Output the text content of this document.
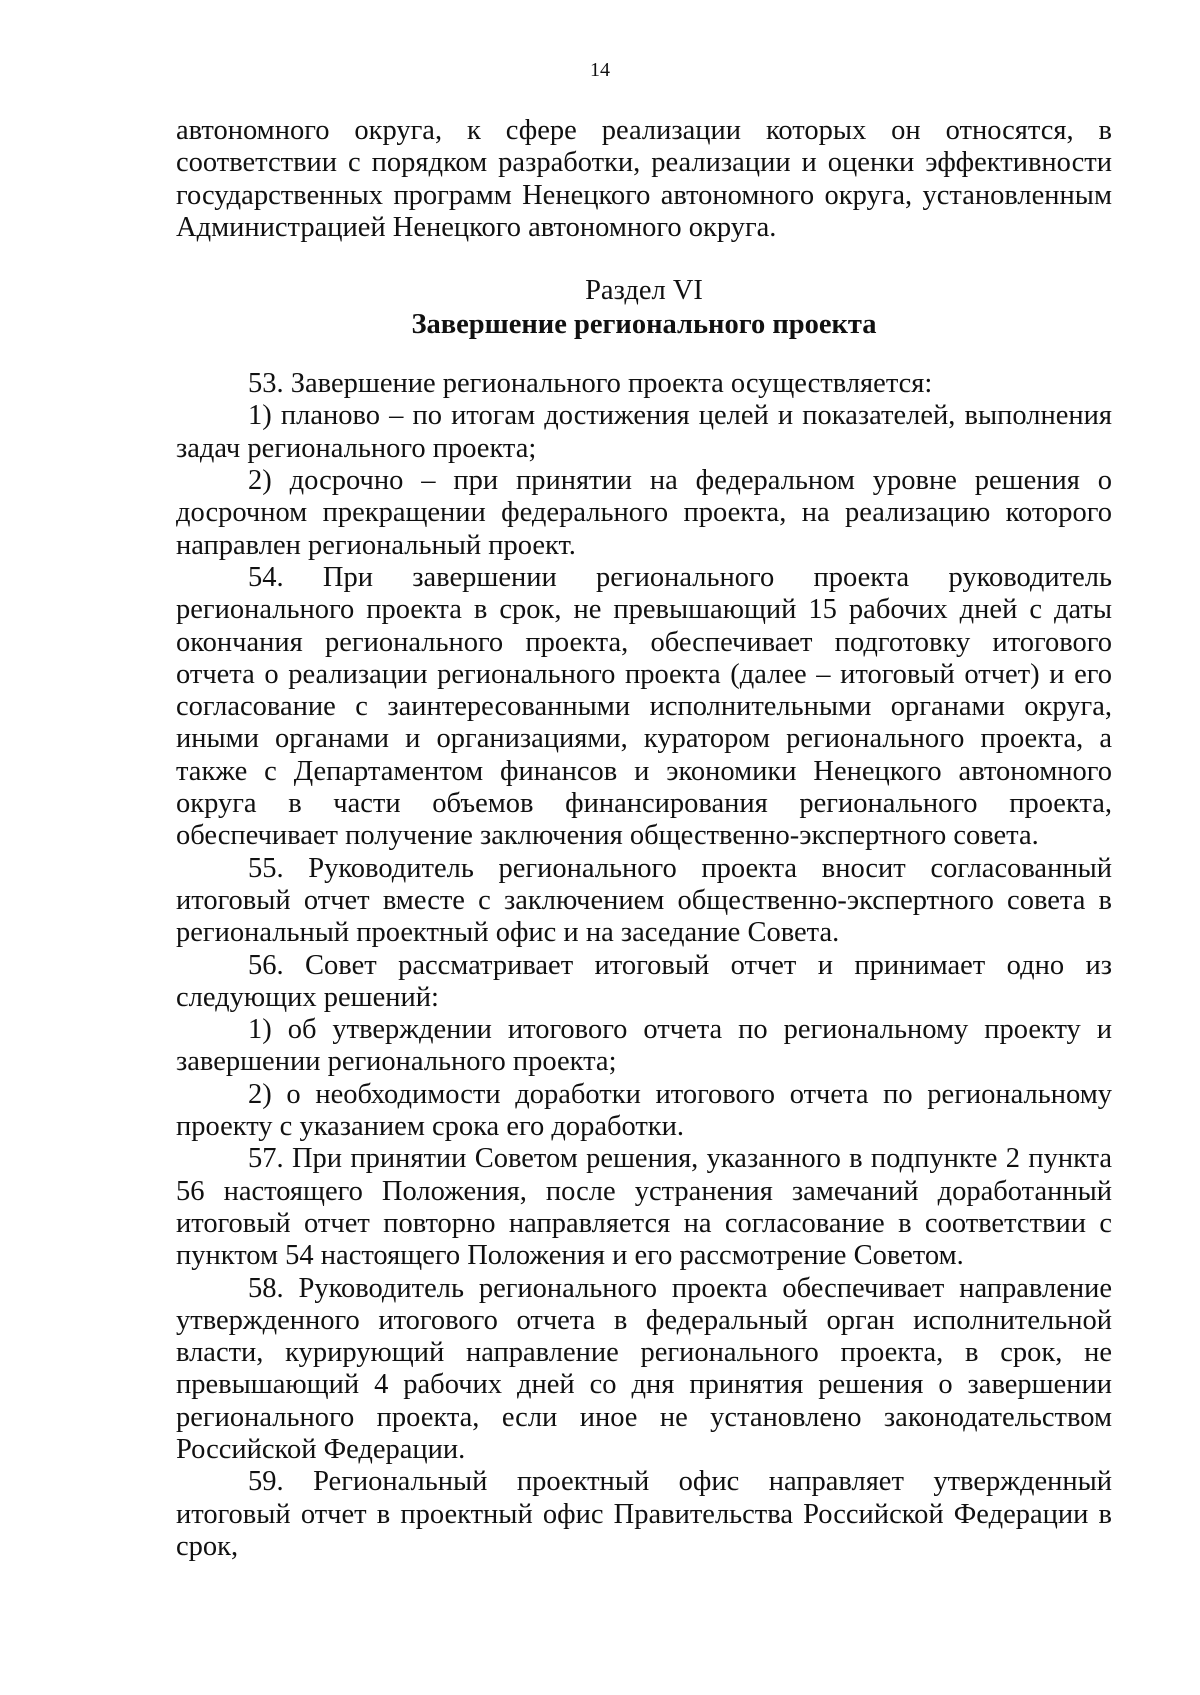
14

автономного округа, к сфере реализации которых он относятся, в соответствии с порядком разработки, реализации и оценки эффективности государственных программ Ненецкого автономного округа, установленным Администрацией Ненецкого автономного округа.

Раздел VI
Завершение регионального проекта

53. Завершение регионального проекта осуществляется:

1) планово – по итогам достижения целей и показателей, выполнения задач регионального проекта;

2) досрочно – при принятии на федеральном уровне решения о досрочном прекращении федерального проекта, на реализацию которого направлен региональный проект.

54. При завершении регионального проекта руководитель регионального проекта в срок, не превышающий 15 рабочих дней с даты окончания регионального проекта, обеспечивает подготовку итогового отчета о реализации регионального проекта (далее – итоговый отчет) и его согласование с заинтересованными исполнительными органами округа, иными органами и организациями, куратором регионального проекта, а также с Департаментом финансов и экономики Ненецкого автономного округа в части объемов финансирования регионального проекта, обеспечивает получение заключения общественно-экспертного совета.

55. Руководитель регионального проекта вносит согласованный итоговый отчет вместе с заключением общественно-экспертного совета в региональный проектный офис и на заседание Совета.

56. Совет рассматривает итоговый отчет и принимает одно из следующих решений:

1) об утверждении итогового отчета по региональному проекту и завершении регионального проекта;

2) о необходимости доработки итогового отчета по региональному проекту с указанием срока его доработки.

57. При принятии Советом решения, указанного в подпункте 2 пункта 56 настоящего Положения, после устранения замечаний доработанный итоговый отчет повторно направляется на согласование в соответствии с пунктом 54 настоящего Положения и его рассмотрение Советом.

58. Руководитель регионального проекта обеспечивает направление утвержденного итогового отчета в федеральный орган исполнительной власти, курирующий направление регионального проекта, в срок, не превышающий 4 рабочих дней со дня принятия решения о завершении регионального проекта, если иное не установлено законодательством Российской Федерации.

59. Региональный проектный офис направляет утвержденный итоговый отчет в проектный офис Правительства Российской Федерации в срок,
